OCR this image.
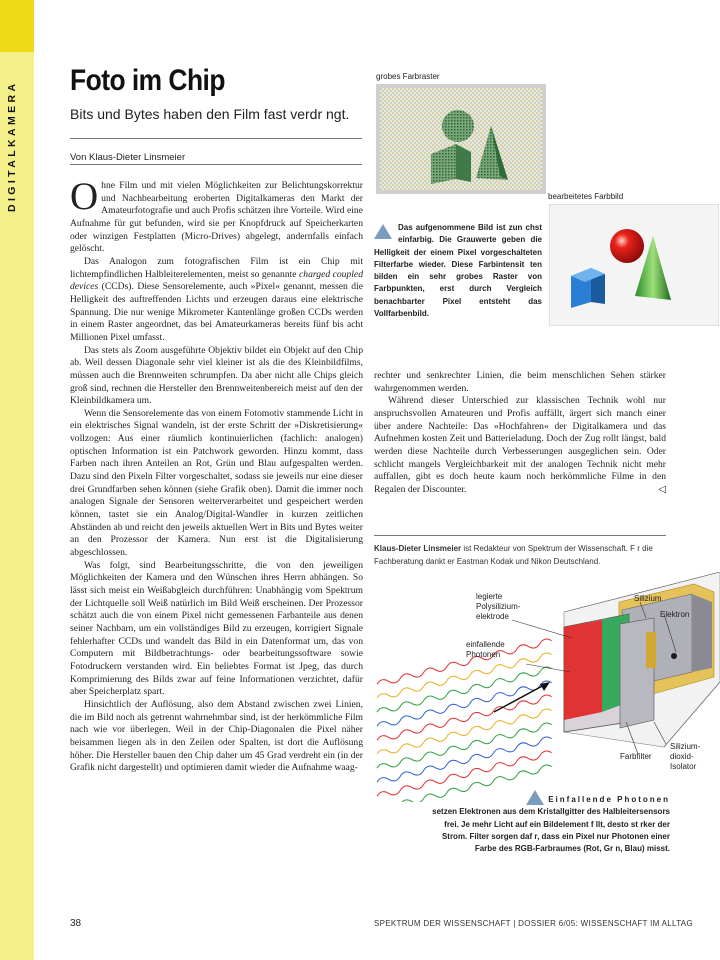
DIGITALKAMERA	Foto im Chip
Bits und Bytes haben den Film fast verdr ngt.
Von Klaus-Dieter Linsmeier

Ohne Film und mit vielen Möglichkeiten zur Belichtungskorrektur und Nachbearbeitung eroberten Digitalkameras den Markt der Amateurfotografie und auch Profis schätzen ihre Vorteile. Wird eine Aufnahme für gut befunden, wird sie per Knopfdruck auf Speicherkarten oder winzigen Festplatten (Micro-Drives) abgelegt, andernfalls einfach gelöscht.

Das Analogon zum fotografischen Film ist ein Chip mit lichtempfindlichen Halbleiterelementen, meist so genannte charged coupled devices (CCDs). Diese Sensorelemente, auch »Pixel« genannt, messen die Helligkeit des auftreffenden Lichts und erzeugen daraus eine elektrische Spannung. Die nur wenige Mikrometer Kantenlänge großen CCDs werden in einem Raster angeordnet, das bei Amateurkameras bereits fünf bis acht Millionen Pixel umfasst.

Das stets als Zoom ausgeführte Objektiv bildet ein Objekt auf den Chip ab. Weil dessen Diagonale sehr viel kleiner ist als die des Kleinbildfilms, müssen auch die Brennweiten schrumpfen. Da aber nicht alle Chips gleich groß sind, rechnen die Hersteller den Brennweitenbereich meist auf den der Kleinbildkamera um.

Wenn die Sensorelemente das von einem Fotomotiv stammende Licht in ein elektrisches Signal wandeln, ist der erste Schritt der »Diskretisierung« vollzogen: Aus einer räumlich kontinuierlichen (fachlich: analogen) optischen Information ist ein Patchwork geworden. Hinzu kommt, dass Farben nach ihren Anteilen an Rot, Grün und Blau aufgespalten werden. Dazu sind den Pixeln Filter vorgeschaltet, sodass sie jeweils nur eine dieser drei Grundfarben sehen können (siehe Grafik oben). Damit die immer noch analogen Signale der Sensoren weiterverarbeitet und gespeichert werden können, tastet sie ein Analog/Digital-Wandler in kurzen zeitlichen Abständen ab und reicht den jeweils aktuellen Wert in Bits und Bytes weiter an den Prozessor der Kamera. Nun erst ist die Digitalisierung abgeschlossen.

Was folgt, sind Bearbeitungsschritte, die von den jeweiligen Möglichkeiten der Kamera und den Wünschen ihres Herrn abhängen. So lässt sich meist ein Weißabgleich durchführen: Unabhängig vom Spektrum der Lichtquelle soll Weiß natürlich im Bild Weiß erscheinen. Der Prozessor schätzt auch die von einem Pixel nicht gemessenen Farbanteile aus denen seiner Nachbarn, um ein vollständiges Bild zu erzeugen, korrigiert Signale fehlerhafter CCDs und wandelt das Bild in ein Datenformat um, das von Computern mit Bildbetrachtungs- oder bearbeitungssoftware sowie Fotodruckern verstanden wird. Ein beliebtes Format ist Jpeg, das durch Komprimierung des Bilds zwar auf feine Informationen verzichtet, dafür aber Speicherplatz spart.

Hinsichtlich der Auflösung, also dem Abstand zwischen zwei Linien, die im Bild noch als getrennt wahrnehmbar sind, ist der herkömmliche Film nach wie vor überlegen. Weil in der Chip-Diagonalen die Pixel näher beisammen liegen als in den Zeilen oder Spalten, ist dort die Auflösung höher. Die Hersteller bauen den Chip daher um 45 Grad verdreht ein (in der Grafik nicht dargestellt) und optimieren damit wieder die Aufnahme waag-

grobes Farbraster
bearbeitetes Farbbild
Das aufgenommene Bild ist zun chst einfarbig. Die Grauwerte geben die Helligkeit der einem Pixel vorgeschalteten Filterfarbe wieder. Diese Farbintensit ten bilden ein sehr grobes Raster von Farbpunkten, erst durch Vergleich benachbarter Pixel entsteht das Vollfarbenbild.

rechter und senkrechter Linien, die beim menschlichen Sehen stärker wahrgenommen werden.

Während dieser Unterschied zur klassischen Technik wohl nur anspruchsvollen Amateuren und Profis auffällt, ärgert sich manch einer über andere Nachteile: Das »Hochfahren« der Digitalkamera und das Aufnehmen kosten Zeit und Batterieladung. Doch der Zug rollt längst, bald werden diese Nachteile durch Verbesserungen ausgeglichen sein. Oder schlicht mangels Vergleichbarkeit mit der analogen Technik nicht mehr auffallen, gibt es doch heute kaum noch herkömmliche Filme in den Regalen der Discounter.	◁

Klaus-Dieter Linsmeier ist Redakteur von Spektrum der Wissenschaft. F r die Fachberatung dankt er Eastman Kodak und Nikon Deutschland.
legierte
Polysilizium-
elektrode
einfallende
Photonen
Silizium
Elektron
Farbfilter
Silizium-
dioxid-
Isolator
Einfallende Photonen
setzen Elektronen aus dem Kristallgitter des Halbleitersensors frei. Je mehr Licht auf ein Bildelement f llt, desto st rker der Strom. Filter sorgen daf r, dass ein Pixel nur Photonen einer Farbe des RGB-Farbraumes (Rot, Gr n, Blau) misst.
38	SPEKTRUM DER WISSENSCHAFT | DOSSIER 6/05: WISSENSCHAFT IM ALLTAG
